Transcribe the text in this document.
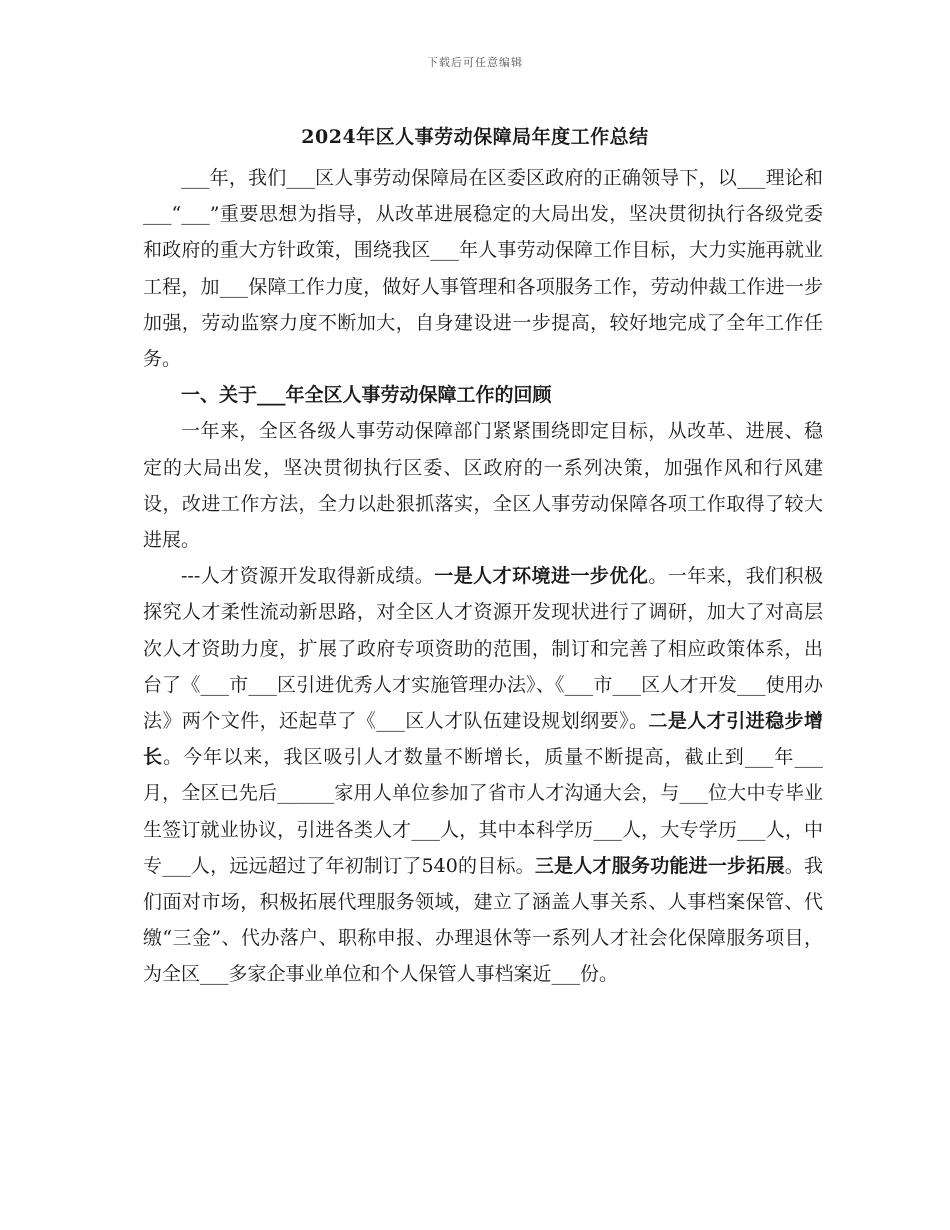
下载后可任意编辑
2024年区人事劳动保障局年度工作总结

___年，我们___区人事劳动保障局在区委区政府的正确领导下，以___理论和___“___”重要思想为指导，从改革进展稳定的大局出发，坚决贯彻执行各级党委和政府的重大方针政策，围绕我区___年人事劳动保障工作目标，大力实施再就业工程，加___保障工作力度，做好人事管理和各项服务工作，劳动仲裁工作进一步加强，劳动监察力度不断加大，自身建设进一步提高，较好地完成了全年工作任务。

一、关于___年全区人事劳动保障工作的回顾

一年来，全区各级人事劳动保障部门紧紧围绕即定目标，从改革、进展、稳定的大局出发，坚决贯彻执行区委、区政府的一系列决策，加强作风和行风建设，改进工作方法，全力以赴狠抓落实，全区人事劳动保障各项工作取得了较大进展。

---人才资源开发取得新成绩。一是人才环境进一步优化。一年来，我们积极探究人才柔性流动新思路，对全区人才资源开发现状进行了调研，加大了对高层次人才资助力度，扩展了政府专项资助的范围，制订和完善了相应政策体系，出台了《___市___区引进优秀人才实施管理办法》、《___市___区人才开发___使用办法》两个文件，还起草了《___区人才队伍建设规划纲要》。二是人才引进稳步增长。今年以来，我区吸引人才数量不断增长，质量不断提高，截止到___年___月，全区已先后______家用人单位参加了省市人才沟通大会，与___位大中专毕业生签订就业协议，引进各类人才___人，其中本科学历___人，大专学历___人，中专___人，远远超过了年初制订了540的目标。三是人才服务功能进一步拓展。我们面对市场，积极拓展代理服务领域，建立了涵盖人事关系、人事档案保管、代缴“三金”、代办落户、职称申报、办理退休等一系列人才社会化保障服务项目，为全区___多家企事业单位和个人保管人事档案近___份。
